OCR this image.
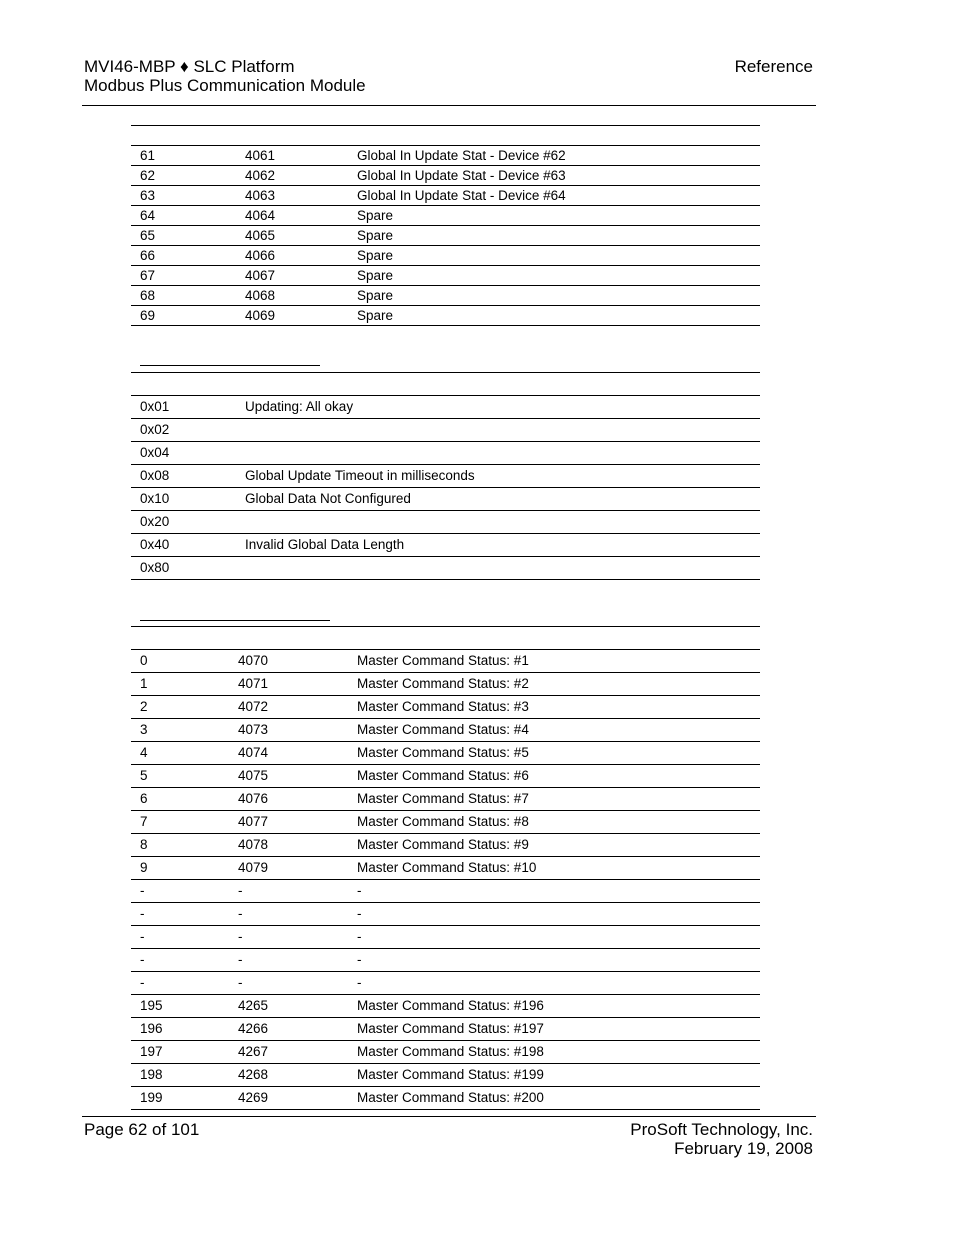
MVI46-MBP ♦ SLC Platform
Modbus Plus Communication Module
Reference
61	4061	Global In Update Stat - Device #62
62	4062	Global In Update Stat - Device #63
63	4063	Global In Update Stat - Device #64
64	4064	Spare
65	4065	Spare
66	4066	Spare
67	4067	Spare
68	4068	Spare
69	4069	Spare
0x01	Updating: All okay
0x02
0x04
0x08	Global Update Timeout in milliseconds
0x10	Global Data Not Configured
0x20
0x40	Invalid Global Data Length
0x80
0	4070	Master Command Status: #1
1	4071	Master Command Status: #2
2	4072	Master Command Status: #3
3	4073	Master Command Status: #4
4	4074	Master Command Status: #5
5	4075	Master Command Status: #6
6	4076	Master Command Status: #7
7	4077	Master Command Status: #8
8	4078	Master Command Status: #9
9	4079	Master Command Status: #10
-	-	-
-	-	-
-	-	-
-	-	-
-	-	-
195	4265	Master Command Status: #196
196	4266	Master Command Status: #197
197	4267	Master Command Status: #198
198	4268	Master Command Status: #199
199	4269	Master Command Status: #200
Page 62 of 101	ProSoft Technology, Inc.
February 19, 2008
